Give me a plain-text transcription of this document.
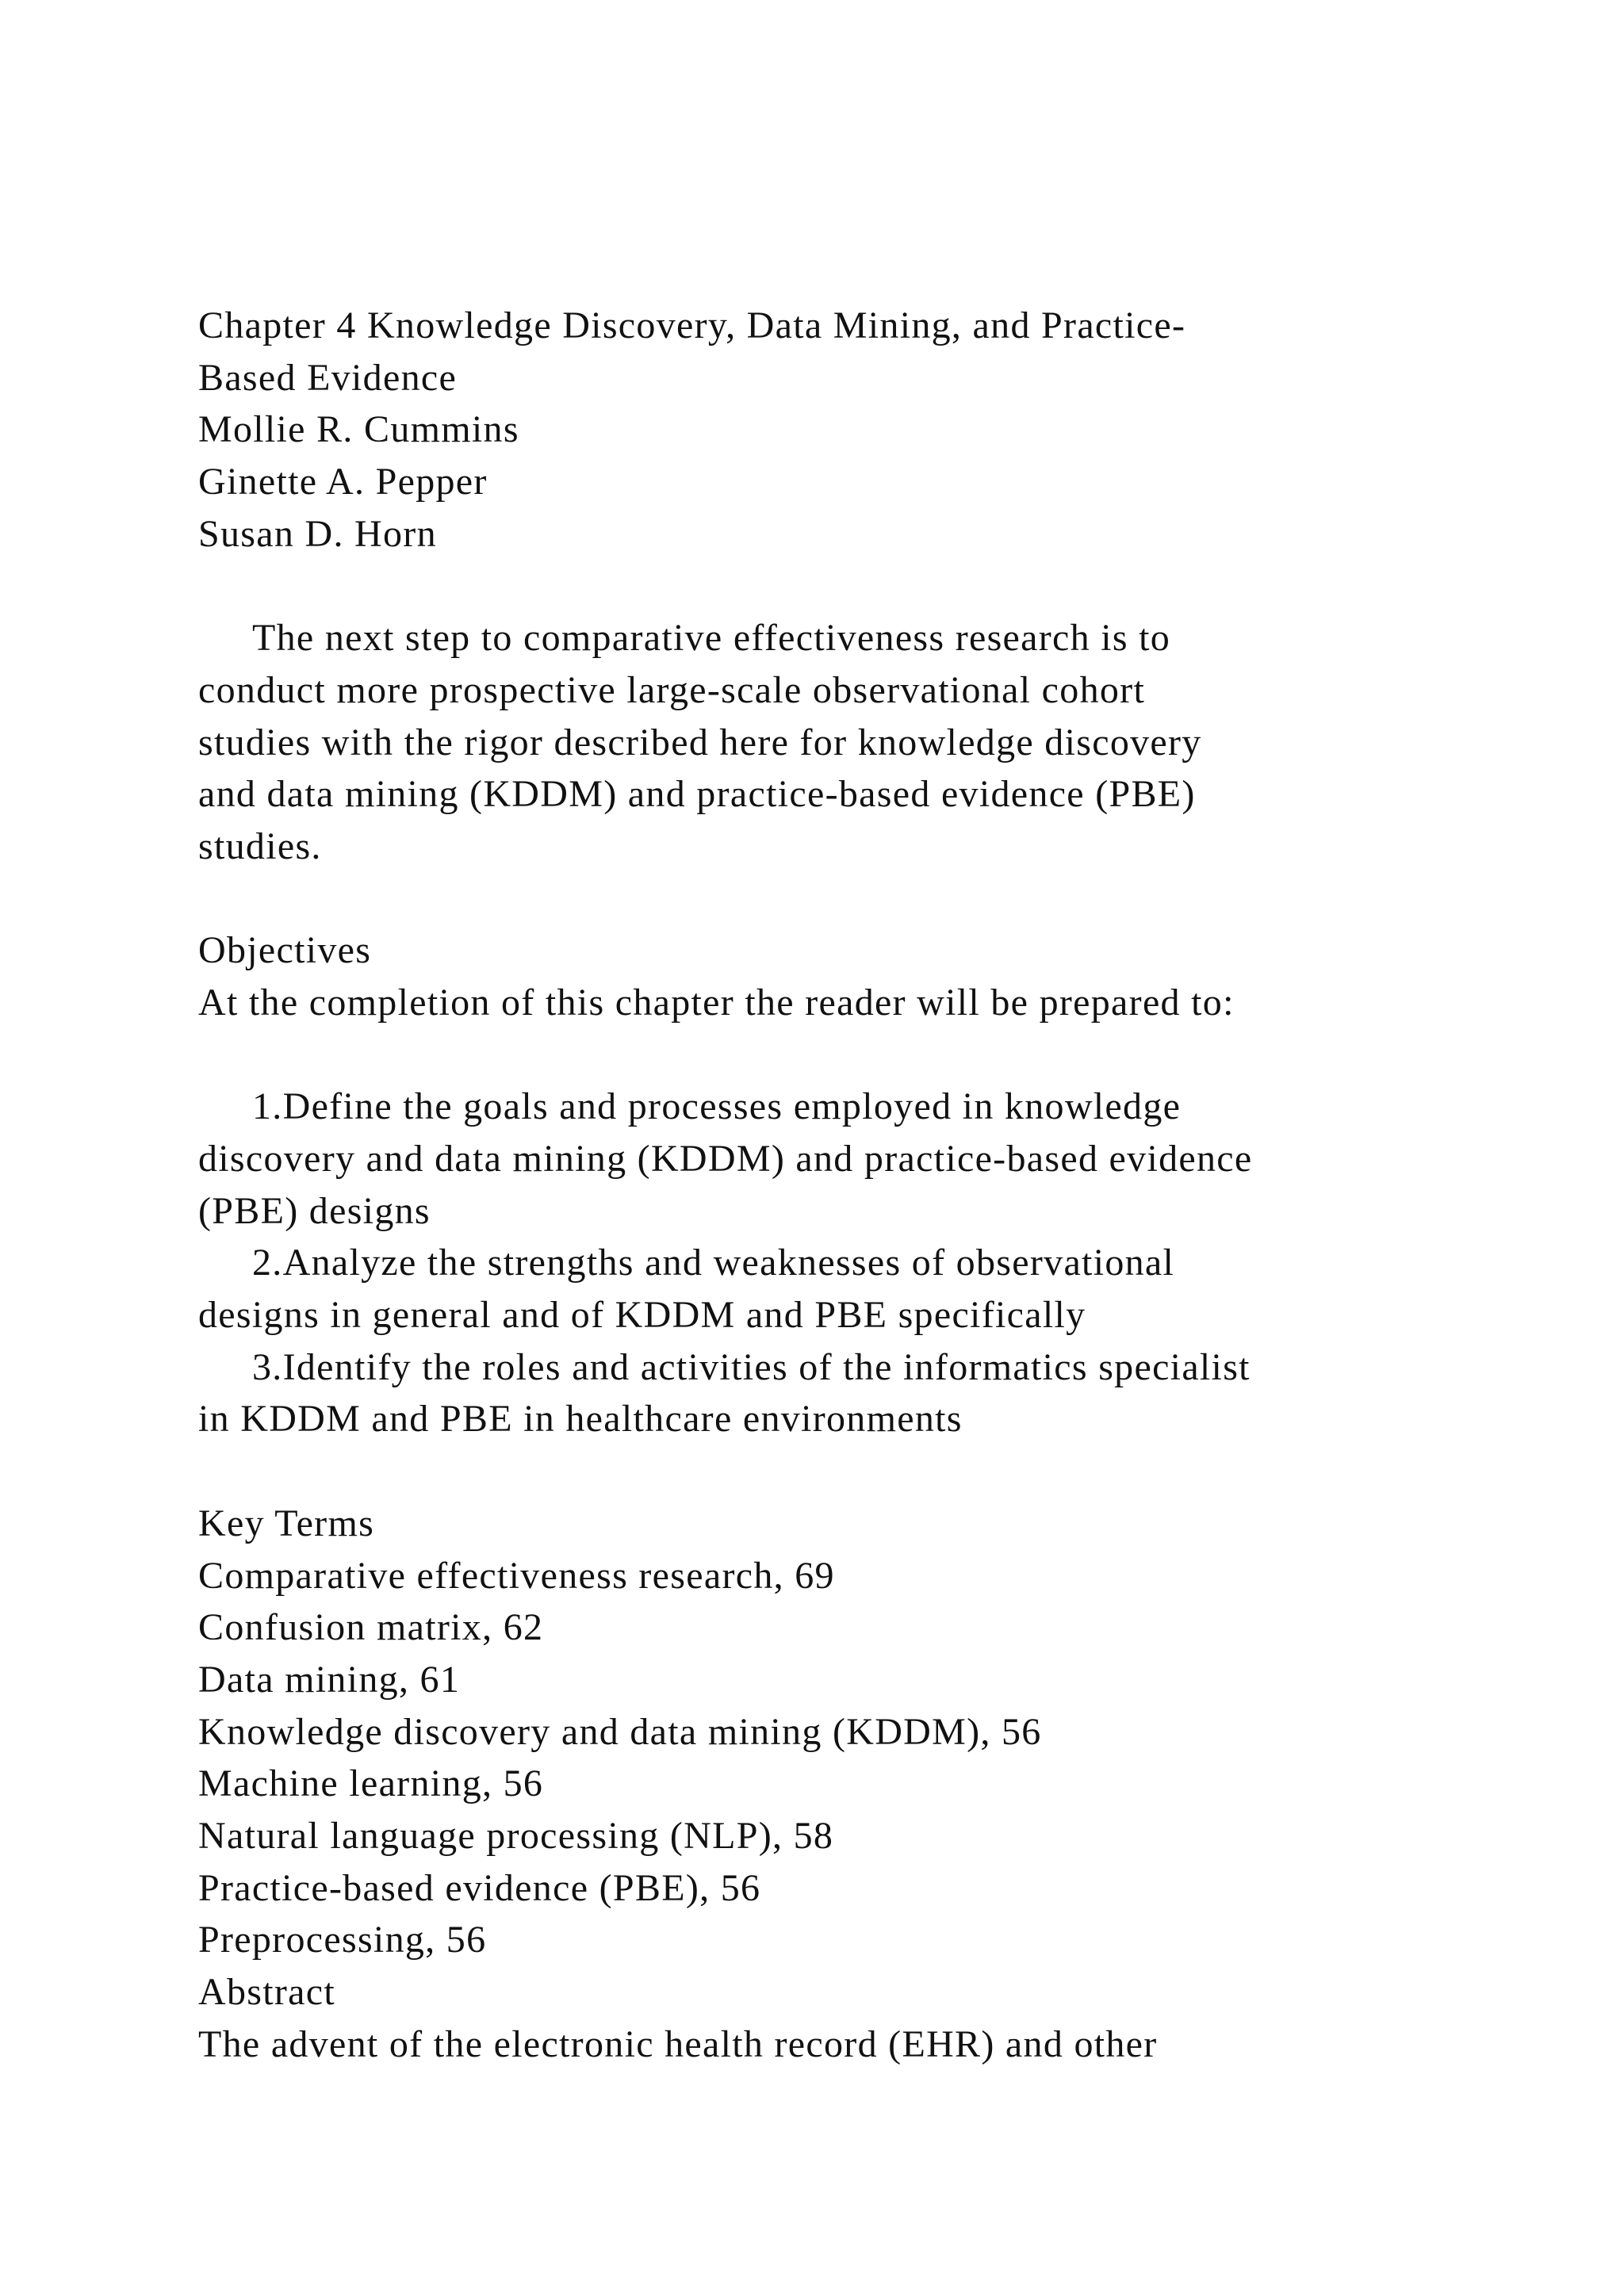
Chapter 4 Knowledge Discovery, Data Mining, and Practice-
Based Evidence
Mollie R. Cummins
Ginette A. Pepper
Susan D. Horn
The next step to comparative effectiveness research is to
conduct more prospective large-scale observational cohort
studies with the rigor described here for knowledge discovery
and data mining (KDDM) and practice-based evidence (PBE)
studies.
Objectives
At the completion of this chapter the reader will be prepared to:
1.Define the goals and processes employed in knowledge
discovery and data mining (KDDM) and practice-based evidence
(PBE) designs
2.Analyze the strengths and weaknesses of observational
designs in general and of KDDM and PBE specifically
3.Identify the roles and activities of the informatics specialist
in KDDM and PBE in healthcare environments
Key Terms
Comparative effectiveness research, 69
Confusion matrix, 62
Data mining, 61
Knowledge discovery and data mining (KDDM), 56
Machine learning, 56
Natural language processing (NLP), 58
Practice-based evidence (PBE), 56
Preprocessing, 56
Abstract
The advent of the electronic health record (EHR) and other
